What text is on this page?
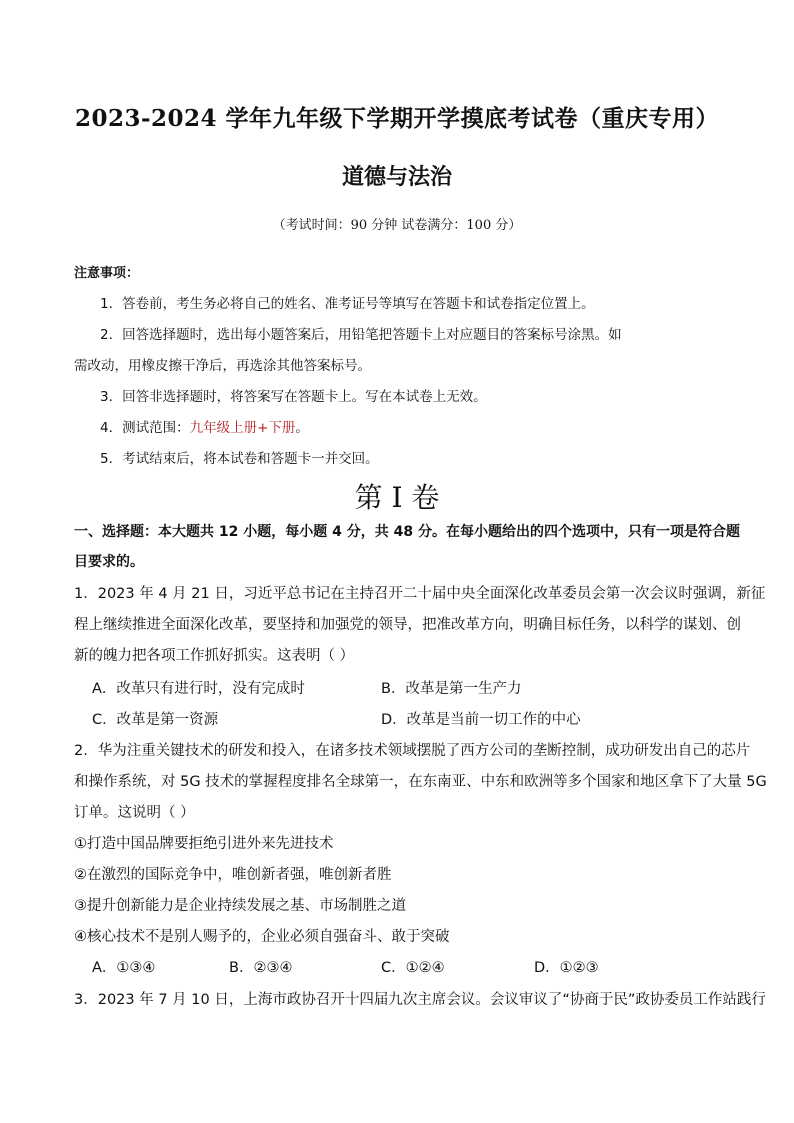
2023-2024 学年九年级下学期开学摸底考试卷（重庆专用）
道德与法治
（考试时间：90 分钟 试卷满分：100 分）
注意事项：
1．答卷前，考生务必将自己的姓名、准考证号等填写在答题卡和试卷指定位置上。
2．回答选择题时，选出每小题答案后，用铅笔把答题卡上对应题目的答案标号涂黑。如
需改动，用橡皮擦干净后，再选涂其他答案标号。
3．回答非选择题时，将答案写在答题卡上。写在本试卷上无效。
4．测试范围：九年级上册+下册。
5．考试结束后，将本试卷和答题卡一并交回。
第 I 卷
一、选择题：本大题共 12 小题，每小题 4 分，共 48 分。在每小题给出的四个选项中，只有一项是符合题
目要求的。
1．2023 年 4 月 21 日，习近平总书记在主持召开二十届中央全面深化改革委员会第一次会议时强调，新征
程上继续推进全面深化改革，要坚持和加强党的领导，把准改革方向，明确目标任务，以科学的谋划、创
新的魄力把各项工作抓好抓实。这表明（ ）
A．改革只有进行时，没有完成时	B．改革是第一生产力
C．改革是第一资源	D．改革是当前一切工作的中心
2．华为注重关键技术的研发和投入，在诸多技术领域摆脱了西方公司的垄断控制，成功研发出自己的芯片
和操作系统，对 5G 技术的掌握程度排名全球第一，在东南亚、中东和欧洲等多个国家和地区拿下了大量 5G
订单。这说明（ ）
①打造中国品牌要拒绝引进外来先进技术
②在激烈的国际竞争中，唯创新者强，唯创新者胜
③提升创新能力是企业持续发展之基、市场制胜之道
④核心技术不是别人赐予的，企业必须自强奋斗、敢于突破
A．①③④	B．②③④	C．①②④	D．①②③
3．2023 年 7 月 10 日，上海市政协召开十四届九次主席会议。会议审议了“协商于民”政协委员工作站践行
